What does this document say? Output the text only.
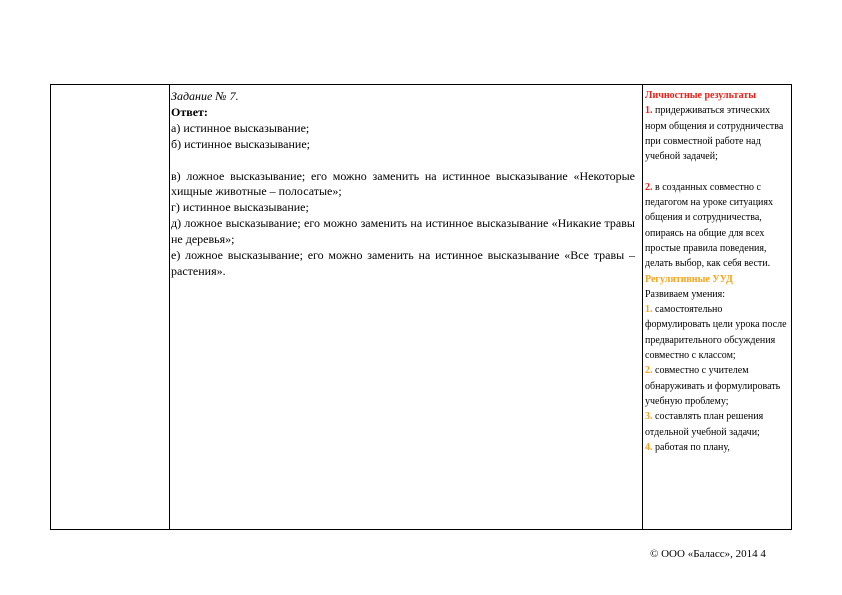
Задание № 7.

Ответ:

а) истинное высказывание;

б) истинное высказывание;

в) ложное высказывание; его можно заменить на истинное высказывание «Некоторые хищные животные – полосатые»;

г) истинное высказывание;

д) ложное высказывание; его можно заменить на истинное высказывание «Никакие травы не деревья»;

е) ложное высказывание; его можно заменить на истинное высказывание «Все травы – растения».

Личностные результаты

1. придерживаться этических норм общения и сотрудничества при совместной работе над учебной задачей;

2. в созданных совместно с педагогом на уроке ситуациях общения и сотрудничества, опираясь на общие для всех простые правила поведения, делать выбор, как себя вести.

Регулятивные УУД

Развиваем умения:

1. самостоятельно формулировать цели урока после предварительного обсуждения совместно с классом;

2. совместно с учителем обнаруживать и формулировать учебную проблему;

3. составлять план решения отдельной учебной задачи;

4. работая по плану,

© ООО «Баласс», 2014 4
